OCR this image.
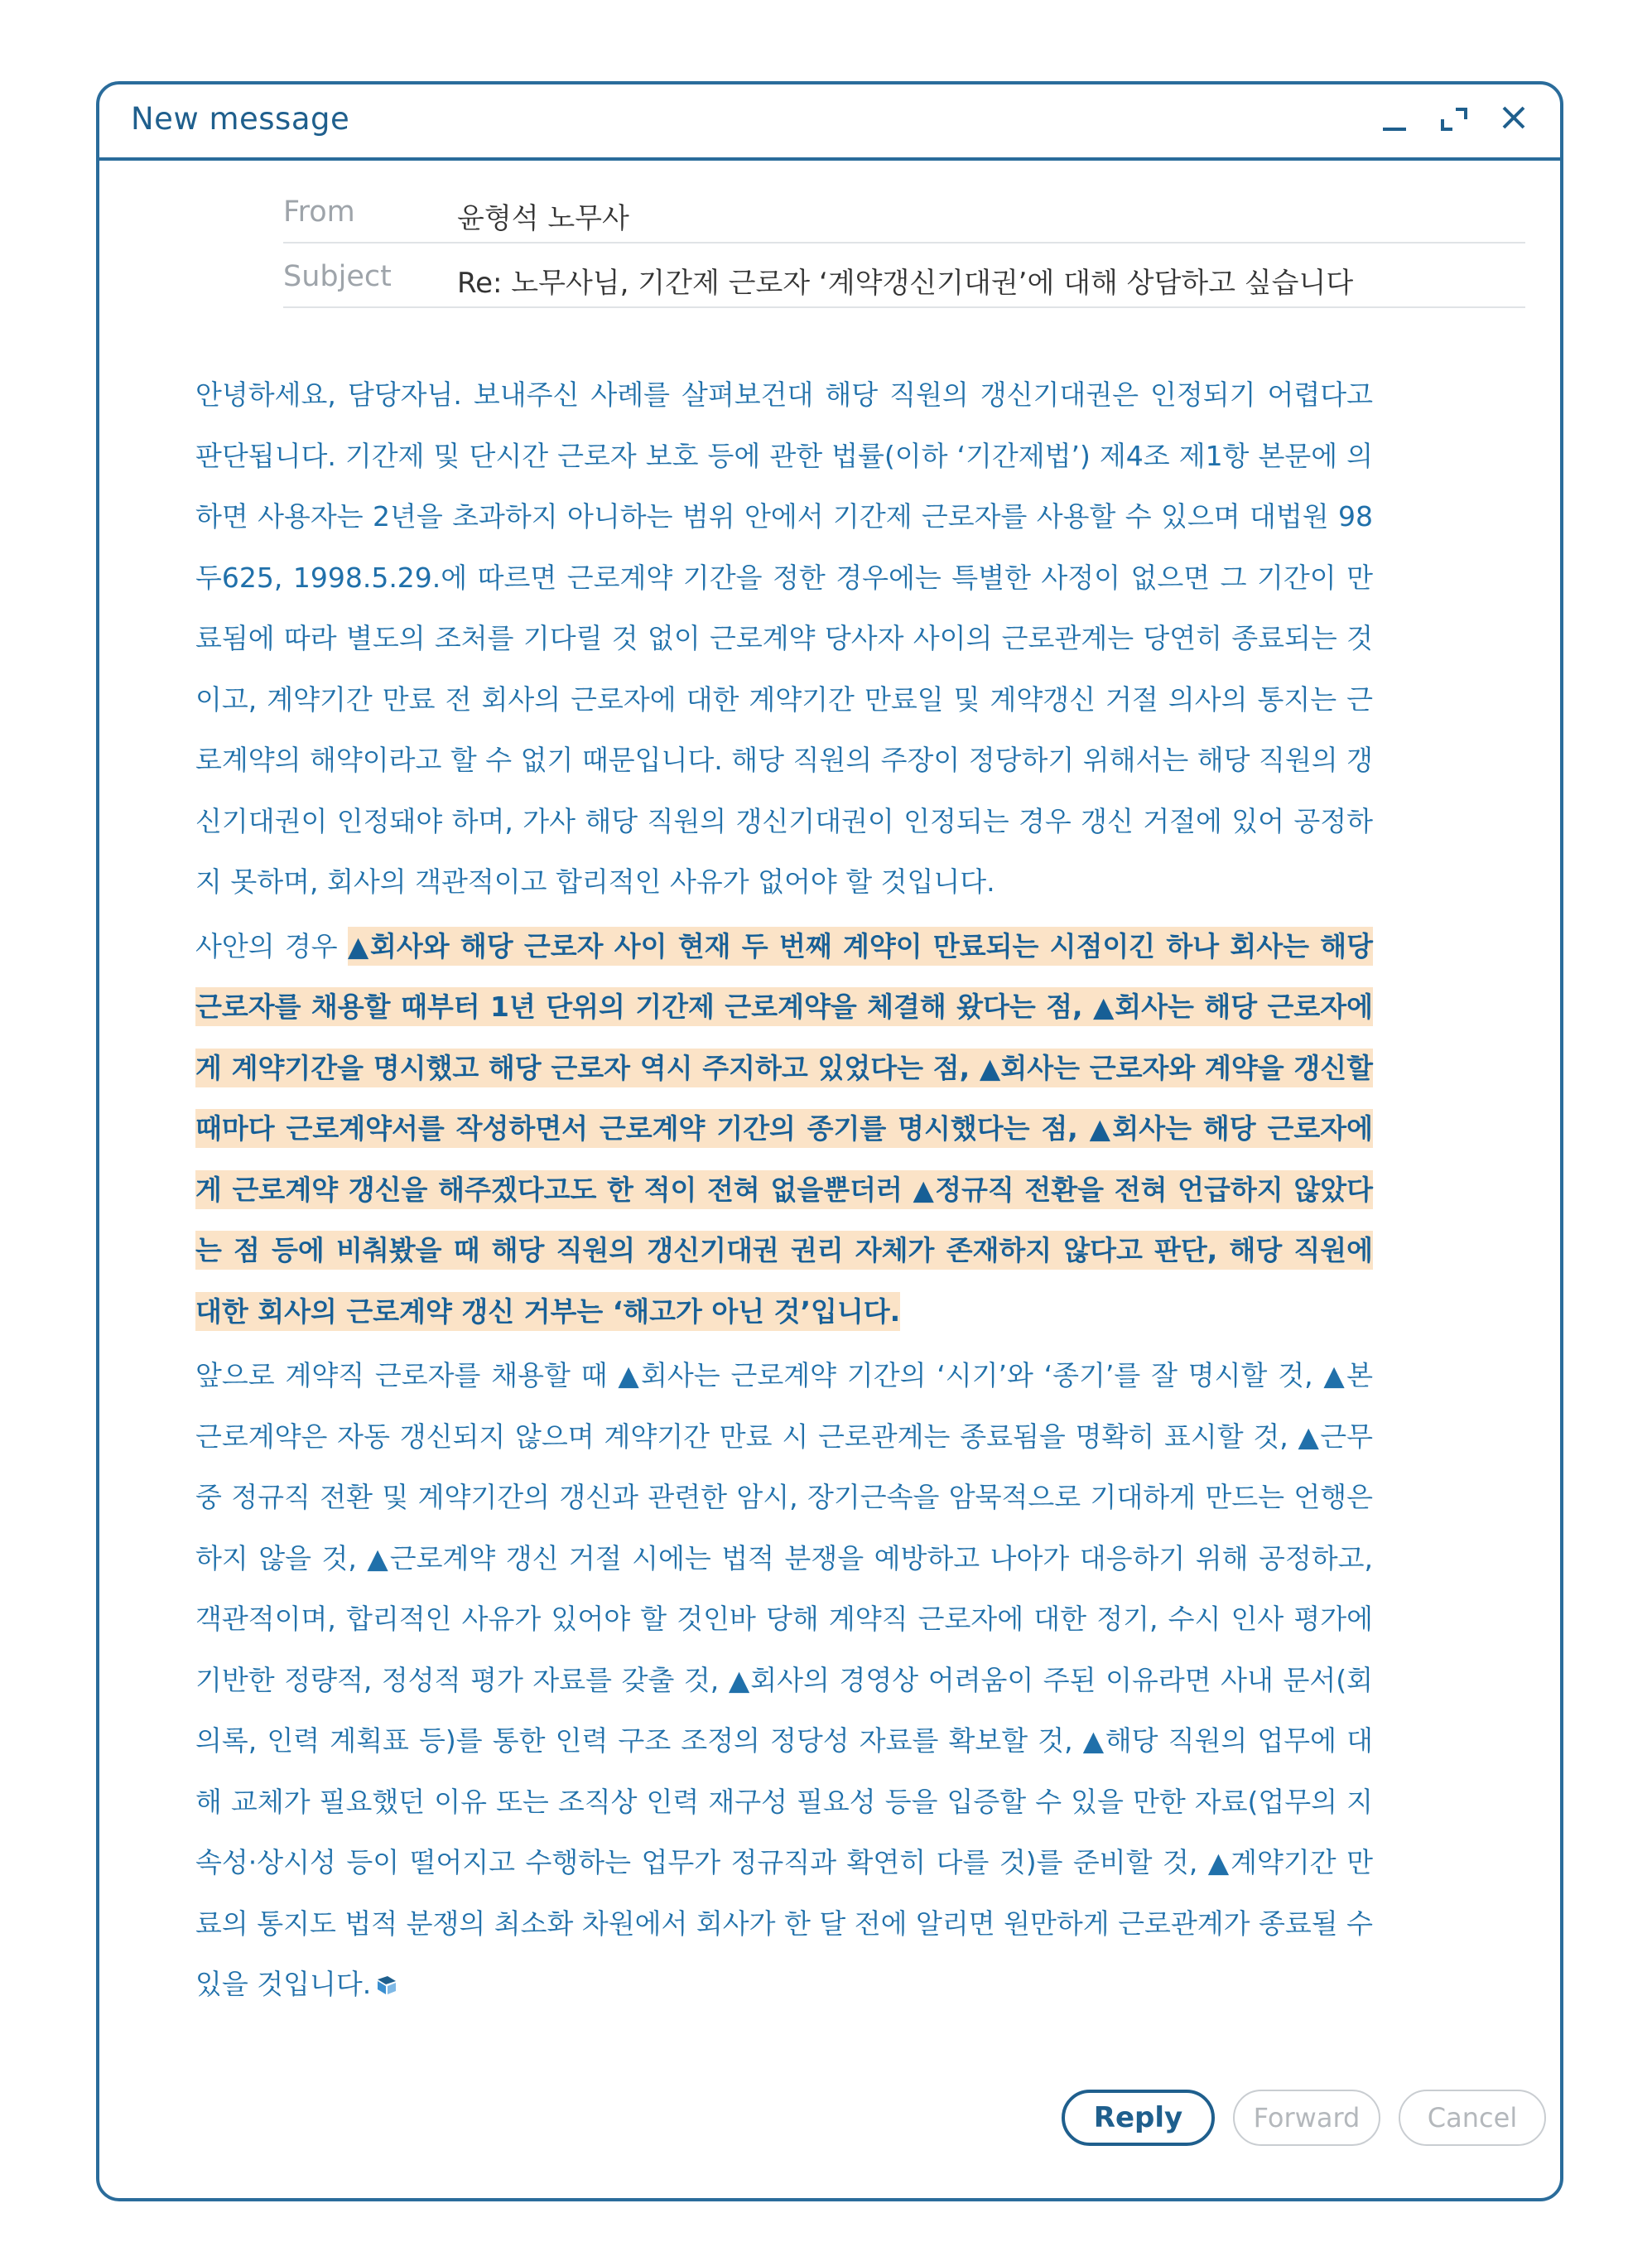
New message
From	윤형석 노무사
Subject Re: 노무사님, 기간제 근로자 ‘계약갱신기대권’에 대해 상담하고 싶습니다

안녕하세요, 담당자님. 보내주신 사례를 살펴보건대 해당 직원의 갱신기대권은 인정되기 어렵다고 판단됩니다. 기간제 및 단시간 근로자 보호 등에 관한 법률(이하 ‘기간제법’) 제4조 제1항 본문에 의하면 사용자는 2년을 초과하지 아니하는 범위 안에서 기간제 근로자를 사용할 수 있으며 대법원 98두625, 1998.5.29.에 따르면 근로계약 기간을 정한 경우에는 특별한 사정이 없으면 그 기간이 만료됨에 따라 별도의 조처를 기다릴 것 없이 근로계약 당사자 사이의 근로관계는 당연히 종료되는 것이고, 계약기간 만료 전 회사의 근로자에 대한 계약기간 만료일 및 계약갱신 거절 의사의 통지는 근로계약의 해약이라고 할 수 없기 때문입니다. 해당 직원의 주장이 정당하기 위해서는 해당 직원의 갱신기대권이 인정돼야 하며, 가사 해당 직원의 갱신기대권이 인정되는 경우 갱신 거절에 있어 공정하지 못하며, 회사의 객관적이고 합리적인 사유가 없어야 할 것입니다.

사안의 경우 ▲회사와 해당 근로자 사이 현재 두 번째 계약이 만료되는 시점이긴 하나 회사는 해당 근로자를 채용할 때부터 1년 단위의 기간제 근로계약을 체결해 왔다는 점, ▲회사는 해당 근로자에게 계약기간을 명시했고 해당 근로자 역시 주지하고 있었다는 점, ▲회사는 근로자와 계약을 갱신할 때마다 근로계약서를 작성하면서 근로계약 기간의 종기를 명시했다는 점, ▲회사는 해당 근로자에게 근로계약 갱신을 해주겠다고도 한 적이 전혀 없을뿐더러 ▲정규직 전환을 전혀 언급하지 않았다는 점 등에 비춰봤을 때 해당 직원의 갱신기대권 권리 자체가 존재하지 않다고 판단, 해당 직원에 대한 회사의 근로계약 갱신 거부는 ‘해고가 아닌 것’입니다.

앞으로 계약직 근로자를 채용할 때 ▲회사는 근로계약 기간의 ‘시기’와 ‘종기’를 잘 명시할 것, ▲본 근로계약은 자동 갱신되지 않으며 계약기간 만료 시 근로관계는 종료됨을 명확히 표시할 것, ▲근무 중 정규직 전환 및 계약기간의 갱신과 관련한 암시, 장기근속을 암묵적으로 기대하게 만드는 언행은 하지 않을 것, ▲근로계약 갱신 거절 시에는 법적 분쟁을 예방하고 나아가 대응하기 위해 공정하고, 객관적이며, 합리적인 사유가 있어야 할 것인바 당해 계약직 근로자에 대한 정기, 수시 인사 평가에 기반한 정량적, 정성적 평가 자료를 갖출 것, ▲회사의 경영상 어려움이 주된 이유라면 사내 문서(회의록, 인력 계획표 등)를 통한 인력 구조 조정의 정당성 자료를 확보할 것, ▲해당 직원의 업무에 대해 교체가 필요했던 이유 또는 조직상 인력 재구성 필요성 등을 입증할 수 있을 만한 자료(업무의 지속성·상시성 등이 떨어지고 수행하는 업무가 정규직과 확연히 다를 것)를 준비할 것, ▲계약기간 만료의 통지도 법적 분쟁의 최소화 차원에서 회사가 한 달 전에 알리면 원만하게 근로관계가 종료될 수 있을 것입니다.

Reply	Forward	Cancel
